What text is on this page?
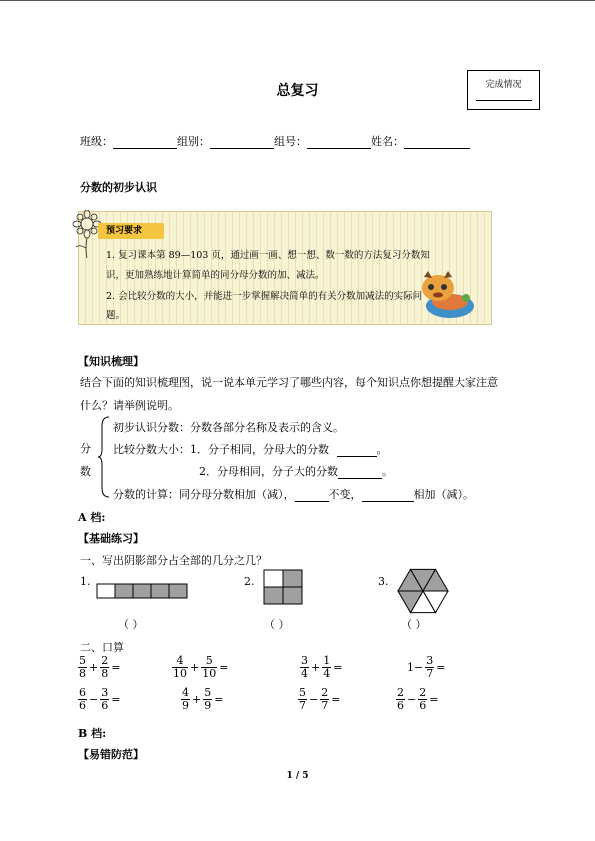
总复习	完成情况
班级：	组别：	组号：	姓名：
分数的初步认识
预习要求
1. 复习课本第 89—103 页，通过画一画、想一想、数一数的方法复习分数知
识，更加熟练地计算简单的同分母分数的加、减法。
2. 会比较分数的大小，并能进一步掌握解决简单的有关分数加减法的实际问
题。
【知识梳理】
结合下面的知识梳理图，说一说本单元学习了哪些内容，每个知识点你想提醒大家注意
什么？请举例说明。
分
数
初步认识分数：分数各部分名称及表示的含义。
比较分数大小：1．分子相同，分母大的分数	。
2．分母相同，分子大的分数	。
分数的计算：同分母分数相加（减），	不变，	相加（减）。
A 档:
【基础练习】
一、写出阴影部分占全部的几分之几？
1.	2.	3.
（ ）	（ ）	（ ）
二、口算
$\frac{5}{8} + \frac{2}{8}$ =	$\frac{4}{10} + \frac{5}{10}$ =	$\frac{3}{4} + \frac{1}{4}$ =	$1- \frac{3}{7}$ =
$\frac{6}{6} - \frac{3}{6}$ =	$\frac{4}{9} + \frac{5}{9}$ =	$\frac{5}{7} - \frac{2}{7}$ =	$\frac{2}{6} - \frac{2}{6}$ =
B 档:
【易错防范】
1 / 5
